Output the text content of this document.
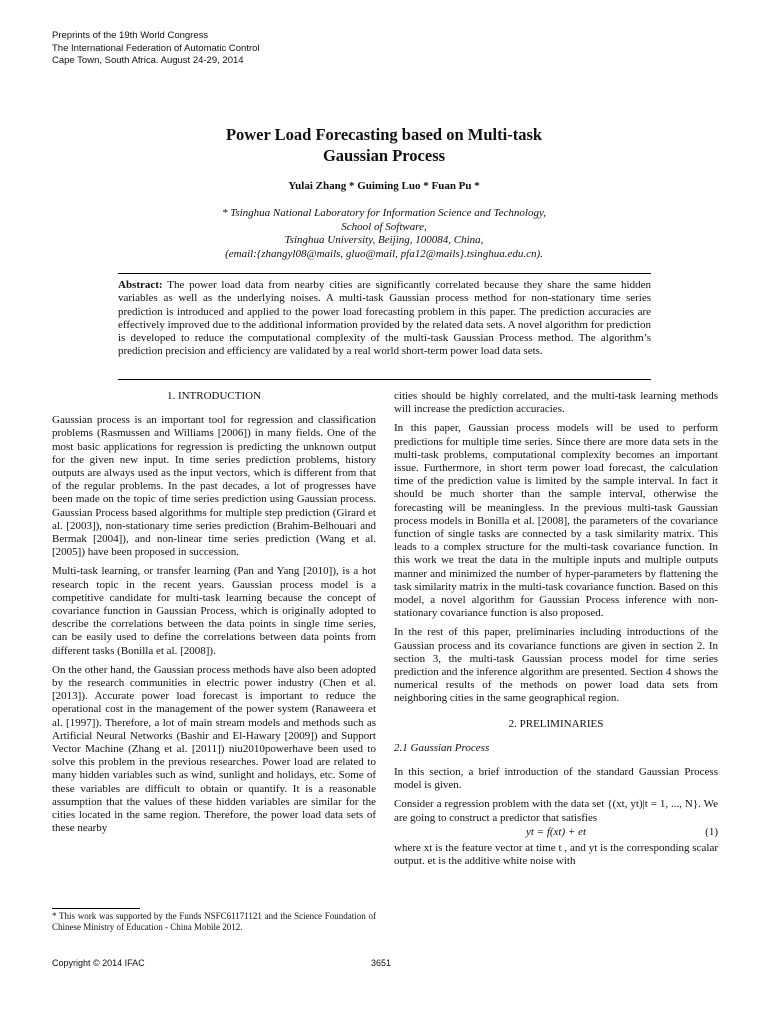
Preprints of the 19th World Congress
The International Federation of Automatic Control
Cape Town, South Africa. August 24-29, 2014
Power Load Forecasting based on Multi-task
Gaussian Process
Yulai Zhang * Guiming Luo * Fuan Pu *
* Tsinghua National Laboratory for Information Science and Technology,
School of Software,
Tsinghua University, Beijing, 100084, China,
(email:{zhangyl08@mails, gluo@mail, pfa12@mails}.tsinghua.edu.cn).
Abstract: The power load data from nearby cities are significantly correlated because they share the same hidden variables as well as the underlying noises. A multi-task Gaussian process method for non-stationary time series prediction is introduced and applied to the power load forecasting problem in this paper. The prediction accuracies are effectively improved due to the additional information provided by the related data sets. A novel algorithm for prediction is developed to reduce the computational complexity of the multi-task Gaussian Process method. The algorithm’s prediction precision and efficiency are validated by a real world short-term power load data sets.
1. INTRODUCTION

Gaussian process is an important tool for regression and classification problems (Rasmussen and Williams [2006]) in many fields. One of the most basic applications for regression is predicting the unknown output for the given new input. In time series prediction problems, history outputs are always used as the input vectors, which is different from that of the regular problems. In the past decades, a lot of progresses have been made on the topic of time series prediction using Gaussian process. Gaussian Process based algorithms for multiple step prediction (Girard et al. [2003]), non-stationary time series prediction (Brahim-Belhouari and Bermak [2004]), and non-linear time series prediction (Wang et al. [2005]) have been proposed in succession.

Multi-task learning, or transfer learning (Pan and Yang [2010]), is a hot research topic in the recent years. Gaussian process model is a competitive candidate for multi-task learning because the concept of covariance function in Gaussian Process, which is originally adopted to describe the correlations between the data points in single time series, can be easily used to define the correlations between data points from different tasks (Bonilla et al. [2008]).

On the other hand, the Gaussian process methods have also been adopted by the research communities in electric power industry (Chen et al. [2013]). Accurate power load forecast is important to reduce the operational cost in the management of the power system (Ranaweera et al. [1997]). Therefore, a lot of main stream models and methods such as Artificial Neural Networks (Bashir and El-Hawary [2009]) and Support Vector Machine (Zhang et al. [2011]) niu2010powerhave been used to solve this problem in the previous researches. Power load are related to many hidden variables such as wind, sunlight and holidays, etc. Some of these variables are difficult to obtain or quantify. It is a reasonable assumption that the values of these hidden variables are similar for the cities located in the same region. Therefore, the power load data sets of these nearby

cities should be highly correlated, and the multi-task learning methods will increase the prediction accuracies.

In this paper, Gaussian process models will be used to perform predictions for multiple time series. Since there are more data sets in the multi-task problems, computational complexity becomes an important issue. Furthermore, in short term power load forecast, the calculation time of the prediction value is limited by the sample interval. In fact it should be much shorter than the sample interval, otherwise the forecasting will be meaningless. In the previous multi-task Gaussian process models in Bonilla et al. [2008], the parameters of the covariance function of single tasks are connected by a task similarity matrix. This leads to a complex structure for the multi-task covariance function. In this work we treat the data in the multiple inputs and multiple outputs manner and minimized the number of hyper-parameters by flattening the task similarity matrix in the multi-task covariance function. Based on this model, a novel algorithm for Gaussian Process inference with non-stationary covariance function is also proposed.

In the rest of this paper, preliminaries including introductions of the Gaussian process and its covariance functions are given in section 2. In section 3, the multi-task Gaussian process model for time series prediction and the inference algorithm are presented. Section 4 shows the numerical results of the methods on power load data sets from neighboring cities in the same geographical region.

2. PRELIMINARIES
2.1 Gaussian Process

In this section, a brief introduction of the standard Gaussian Process model is given.

Consider a regression problem with the data set {(xt, yt)|t = 1, ..., N}. We are going to construct a predictor that satisfies

yt = f(xt) + et	(1)

where xt is the feature vector at time t , and yt is the corresponding scalar output. et is the additive white noise with

* This work was supported by the Funds NSFC61171121 and the Science Foundation of Chinese Ministry of Education - China Mobile 2012.
Copyright © 2014 IFAC	3651
